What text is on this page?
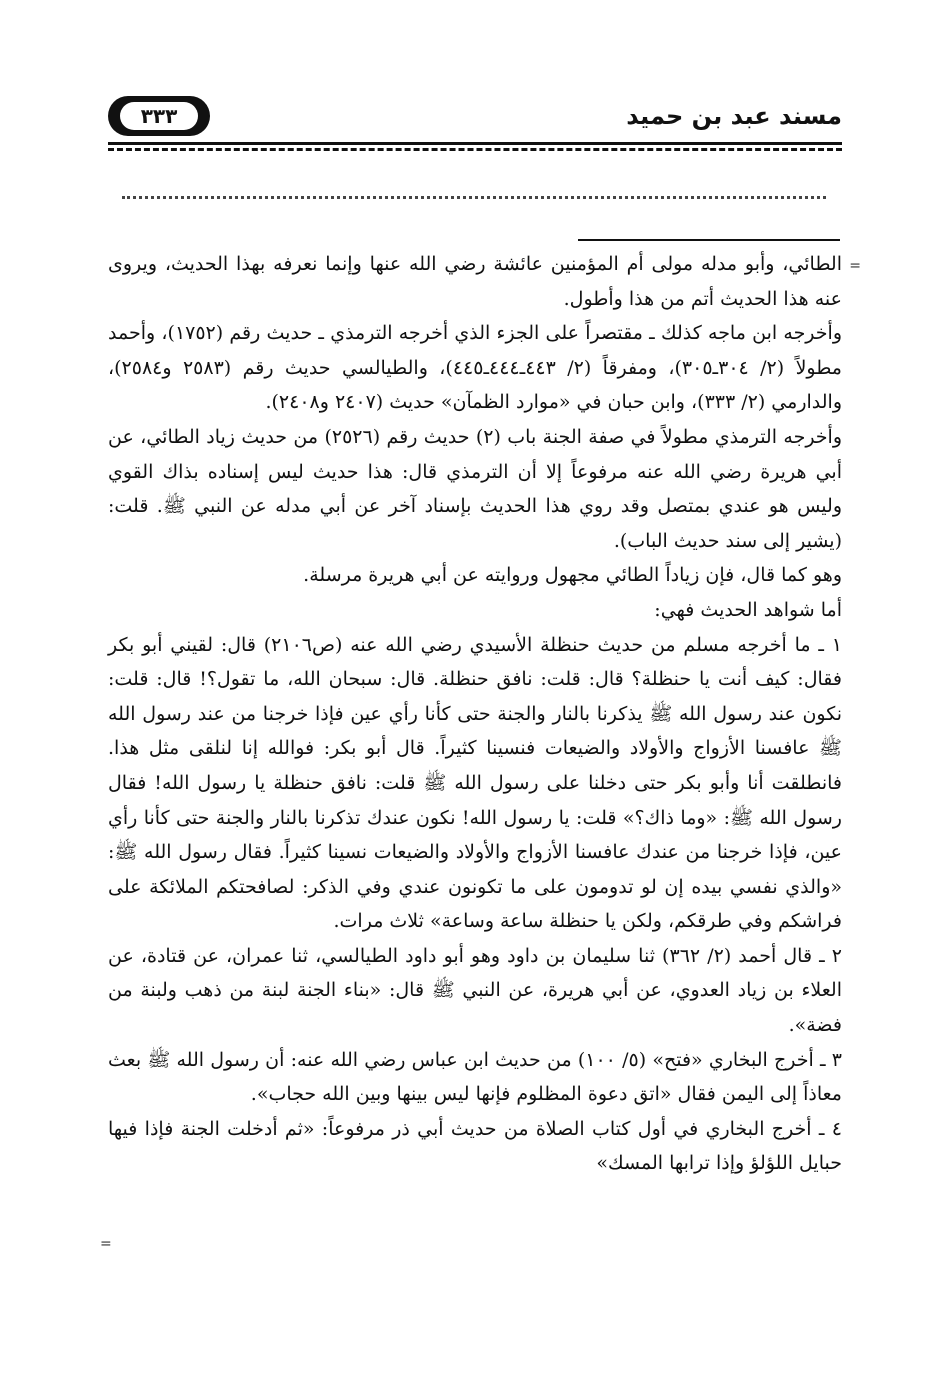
٣٣٣	مسند عبد بن حميد
=
=

الطائي، وأبو مدله مولى أم المؤمنين عائشة رضي الله عنها وإنما نعرفه بهذا الحديث، ويروى عنه هذا الحديث أتم من هذا وأطول.

وأخرجه ابن ماجه كذلك ـ مقتصراً على الجزء الذي أخرجه الترمذي ـ حديث رقم (١٧٥٢)، وأحمد مطولاً (٢/ ٣٠٤ـ٣٠٥)، ومفرقاً (٢/ ٤٤٣ـ٤٤٤ـ٤٤٥)، والطيالسي حديث رقم (٢٥٨٣ و٢٥٨٤)، والدارمي (٢/ ٣٣٣)، وابن حبان في «موارد الظمآن» حديث (٢٤٠٧ و٢٤٠٨).

وأخرجه الترمذي مطولاً في صفة الجنة باب (٢) حديث رقم (٢٥٢٦) من حديث زياد الطائي، عن أبي هريرة رضي الله عنه مرفوعاً إلا أن الترمذي قال: هذا حديث ليس إسناده بذاك القوي وليس هو عندي بمتصل وقد روي هذا الحديث بإسناد آخر عن أبي مدله عن النبي ﷺ. قلت: (يشير إلى سند حديث الباب).

وهو كما قال، فإن زياداً الطائي مجهول وروايته عن أبي هريرة مرسلة.

أما شواهد الحديث فهي:

١ ـ ما أخرجه مسلم من حديث حنظلة الأسيدي رضي الله عنه (ص٢١٠٦) قال: لقيني أبو بكر فقال: كيف أنت يا حنظلة؟ قال: قلت: نافق حنظلة. قال: سبحان الله، ما تقول؟! قال: قلت: نكون عند رسول الله ﷺ يذكرنا بالنار والجنة حتى كأنا رأي عين فإذا خرجنا من عند رسول الله ﷺ عافسنا الأزواج والأولاد والضيعات فنسينا كثيراً. قال أبو بكر: فوالله إنا لنلقى مثل هذا. فانطلقت أنا وأبو بكر حتى دخلنا على رسول الله ﷺ قلت: نافق حنظلة يا رسول الله! فقال رسول الله ﷺ: «وما ذاك؟» قلت: يا رسول الله! نكون عندك تذكرنا بالنار والجنة حتى كأنا رأي عين، فإذا خرجنا من عندك عافسنا الأزواج والأولاد والضيعات نسينا كثيراً. فقال رسول الله ﷺ: «والذي نفسي بيده إن لو تدومون على ما تكونون عندي وفي الذكر: لصافحتكم الملائكة على فراشكم وفي طرقكم، ولكن يا حنظلة ساعة وساعة» ثلاث مرات.

٢ ـ قال أحمد (٢/ ٣٦٢) ثنا سليمان بن داود وهو أبو داود الطيالسي، ثنا عمران، عن قتادة، عن العلاء بن زياد العدوي، عن أبي هريرة، عن النبي ﷺ قال: «بناء الجنة لبنة من ذهب ولبنة من فضة».

٣ ـ أخرج البخاري «فتح» (٥/ ١٠٠) من حديث ابن عباس رضي الله عنه: أن رسول الله ﷺ بعث معاذاً إلى اليمن فقال «اتق دعوة المظلوم فإنها ليس بينها وبين الله حجاب».

٤ ـ أخرج البخاري في أول كتاب الصلاة من حديث أبي ذر مرفوعاً: «ثم أدخلت الجنة فإذا فيها حبايل اللؤلؤ وإذا ترابها المسك»
